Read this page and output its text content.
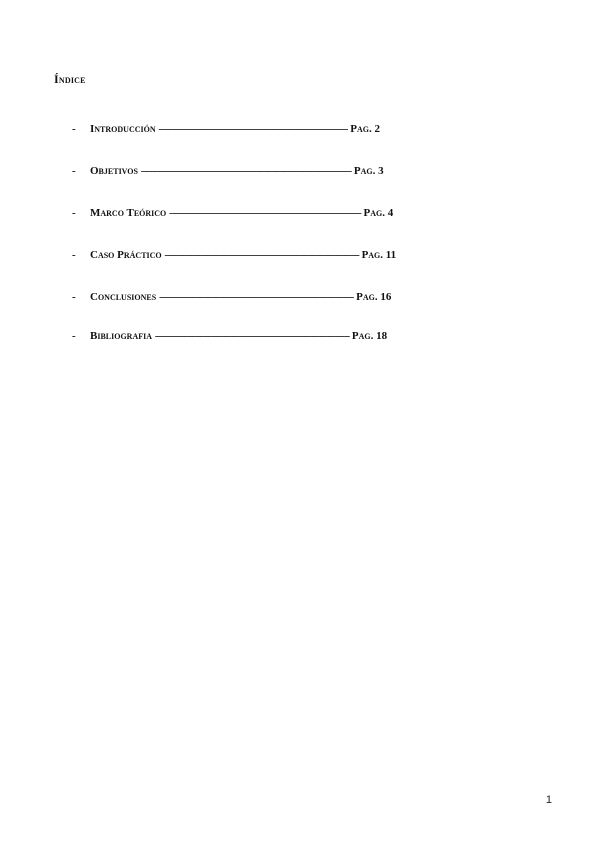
Índice
- Introducción ----------------------------------------------------------------------- Pag. 2
- Objetivos ------------------------------------------------------------------------------- Pag. 3
- Marco Teórico ------------------------------------------------------------------------ Pag. 4
- Caso Práctico ------------------------------------------------------------------------- Pag. 11
- Conclusiones ------------------------------------------------------------------------- Pag. 16
- Bibliografia ------------------------------------------------------------------------- Pag. 18
1
